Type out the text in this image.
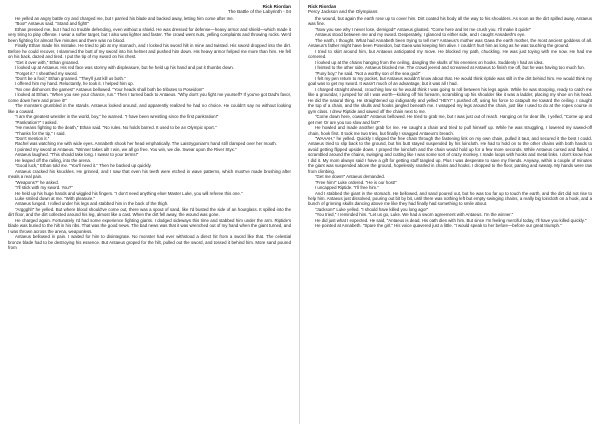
Rick Riordan
The Battle of the Labyrinth - 04

He yelled an angry battle cry and charged me, but I parried his blade and backed away, letting him come after me.

"Boo!" Antaeus said. "Stand and fight!"

Ethan pressed me, but I had no trouble defending, even without a shield. He was dressed for defense—heavy armor and shield—which made it very tiring to play offense. I wear a softer target, but I also was lighter and faster. The crowd went nuts, yelling complaints and throwing rocks. We'd been fighting for almost five minutes and there was no blood.

Finally Ethan made his mistake. He tried to jab at my stomach, and I locked his sword hilt in mine and twisted. His sword dropped into the dirt. Before he could recover, I slammed the butt of my sword into his helmet and pushed him down. His heavy armor helped me more than him. He fell on his back, dazed and tired. I put the tip of my sword on his chest.

"Get it over with," Ethan groaned.

I looked up at Antaeus. His red face was stormy with displeasure, but he held up his hand and put it thumbs down.

"Forget it." I sheathed my sword.

"Don't be a fool," Ethan groaned. "They'll just kill us both."

I offered him my hand. Reluctantly, he took it. I helped him up.

"No one dishonors the games!" Antaeus bellowed. "Your heads shall both be tributes to Poseidon!"

I looked at Ethan. "When you see your chance, run." Then I turned back to Antaeus. "Why don't you fight me yourself? If you've got Dad's favor, come down here and prove it!"

The monsters grumbled in the stands. Antaeus looked around, and apparently realized he had no choice. He couldn't say no without looking like a coward.

"I am the greatest wrestler in the world, boy," he warned. "I have been wrestling since the first pankration!"

"Pankration?" I asked.

"He means fighting to the death," Ethan said. "No rules. No holds barred. It used to be an Olympic sport."

"Thanks for the tip," I said.

"Don't mention it."

Rachel was watching me with wide eyes. Annabeth shook her head emphatically. The Laistrygonian's hand still clamped over her mouth.

I pointed my sword at Antaeus. "Winner takes all! I win, we all go free. You win, we die. Swear upon the River Styx."

Antaeus laughed. "This should take long. I swear to your terms!"

He leaped off the railing, into the arena.

"Good luck," Ethan told me. "You'll need it." Then he backed up quickly.

Antaeus cracked his knuckles. He grinned, and I saw that even his teeth were etched in wave patterns, which must've made brushing after meals a real pain.

"Weapons?" he asked.

"I'll stick with my sword. You?"

He held up his huge hands and wiggled his fingers. "I don't need anything else! Master Luke, you will referee this one."

Luke smiled down at me. "With pleasure."

Antaeus lunged. I rolled under his legs and stabbed him in the back of the thigh.

"Arggghl!" he yelled. But where blood should've come out, there was a spout of sand, like I'd busted the side of an hourglass. It spilled into the dirt floor, and the dirt collected around his leg, almost like a cast. When the dirt fell away, the wound was gone.

He charged again. Fortunately I'd had some experience fighting giants. I dodged sideways this time and stabbed him under the arm. Riptide's blade was buried to the hilt in his ribs. That was the good news. The bad news was that it was wrenched out of my hand when the giant turned, and I was thrown across the arena, weaponless.

Antaeus bellowed in pain. I waited for him to disintegrate. No monster had ever withstood a direct hit from a sword like that. The celestial bronze blade had to be destroying his essence. But Antaeus groped for the hilt, pulled out the sword, and tossed it behind him. More sand poured from

Rick Riordan
Percy Jackson and the Olympians

the wound, but again the earth rose up to cover him. Dirt coated his body all the way to his shoulders. As soon as the dirt spilled away, Antaeus was fine.

"Now you see why I never lose, demigod!" Antaeus gloated. "Come here and let me crush you. I'll make it quick!"

Antaeus stood between me and my sword. Desperately, I glanced to either side, and I caught Annabeth's eye.

The earth, I thought. What had Annabeth been trying to tell me? Antaeus's mother was Gaea the earth mother, the most ancient goddess of all. Antaeus's father might have been Poseidon, but Gaea was keeping him alive. I couldn't hurt him as long as he was touching the ground.

I tried to skirt around him, but Antaeus anticipated my move. He blocked my path, chuckling. He was just toying with me now. He had me cornered.

I looked up at the chains hanging from the ceiling, dangling the skulls of his enemies on hooks. Suddenly I had an idea.

I feinted to the other side. Antaeus blocked me. The crowd jeered and screamed at Antaeus to finish me off, but he was having too much fun.

"Puny boy," he said. "Not a worthy son of the sea god!"

I felt my pen return to my pocket, but Antaeus wouldn't know about that. He would think riptide was still in the dirt behind him. He would think my goal was to get my sword. It wasn't much of an advantage, but it was all I had.

I charged straight ahead, crouching low so he would think I was going to roll between his legs again. While he was stooping, ready to catch me like a groundar, I jumped for all I was worth—kicking off his forearm, scrambling up his shoulder like it was a ladder, placing my shoe on his head. He did the natural thing. He straightened up indignantly and yelled "HEY!" I pushed off, using his force to catapult me toward the ceiling. I caught the top of a chain, and the skulls and hooks jangled beneath me. I wrapped my legs around the chain, just like I used to do at the ropes course in gym class. I drew Riptide and sawed off the chain next to me.

"Come down here, coward!" Antaeus bellowed. He tried to grab me, but I was just out of reach. Hanging on for dear life, I yelled, "Come up and get me! Or are you too slow and fat?"

He howled and made another grab for me. He caught a chain and tried to pull himself up. While he was struggling, I lowered my sawed-off chain, hook first. It took me two tries, but finally I snagged Antaeus's breach.

"WAAAH," he yelled. Quickly I slipped the free chain through the fastening link on my own chain, pulled it taut, and secured it the best I could. Antaeus tried to slip back to the ground, but his butt stayed suspended by his loincloth. He had to hold on to the other chains with both hands to avoid getting flipped upside down. I prayed the loincloth and the chain would hold up for a few more seconds. While Antaeus cursed and flailed, I scrambled around the chains, swinging and cutting like I was some sort of crazy monkey. I made loops with hooks and metal links. I don't know how I did it. My mom always said I have a gift for getting stuff tangled up. Plus I was desperate to save my friends. Anyway, within a couple of minutes the giant was suspended above the ground, hopelessly snarled in chains and hooks. I dropped to the floor, panting and sweaty. My hands were raw from climbing.

"Get me down!" Antaeus demanded.

"Free him!" Luke ordered. "He is our host!"

I uncapped Riptide. "I'll free him."

And I stabbed the giant in the stomach. He bellowed, and sand poured out, but he was too far up to touch the earth, and the dirt did not rise to help him. Antaeus just dissolved, pouring out bit by bit, until there was nothing left but empty swinging chains, a really big loincloth on a hook, and a bunch of grinning skulls dancing above me like they had finally had something to smile about.

"Jackson!" Luke yelled. "I should have killed you long ago!"

"You tried," I reminded him. "Let us go, Luke. We had a sworn agreement with Antaeus. I'm the winner."

He did just what I expected. He said, "Antaeus is dead. His oath dies with him. But since I'm feeling merciful today, I'll have you killed quickly."

He pointed at Annabeth. "Spare the girl." His voice quavered just a little. "I would speak to her before—before our great triumph."
